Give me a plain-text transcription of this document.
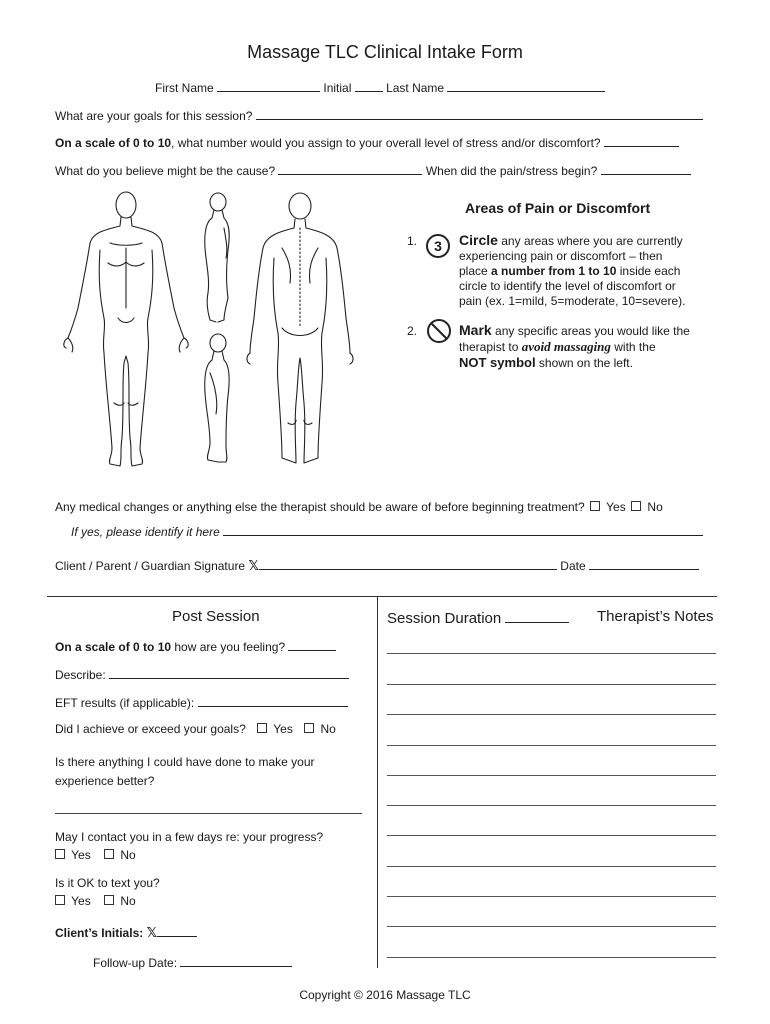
Massage TLC Clinical Intake Form
First Name	Initial	Last Name
What are your goals for this session?
On a scale of 0 to 10, what number would you assign to your overall level of stress and/or discomfort?
What do you believe might be the cause?	When did the pain/stress begin?
Areas of Pain or Discomfort
1.	3	Circle any areas where you are currently
experiencing pain or discomfort – then
place a number from 1 to 10 inside each
circle to identify the level of discomfort or
pain (ex. 1=mild, 5=moderate, 10=severe).
2.	Mark any specific areas you would like the
therapist to avoid massaging with the
NOT symbol shown on the left.
Any medical changes or anything else the therapist should be aware of before beginning treatment? Yes No
If yes, please identify it here
Client / Parent / Guardian Signature 𝕏	Date
Post Session
On a scale of 0 to 10 how are you feeling?
Describe:
EFT results (if applicable):
Did I achieve or exceed your goals? Yes No
Is there anything I could have done to make your
experience better?
May I contact you in a few days re: your progress?
Yes No
Is it OK to text you?
Yes No
Client’s Initials: 𝕏
Follow-up Date:
Session Duration	Therapist’s Notes
Copyright © 2016 Massage TLC
